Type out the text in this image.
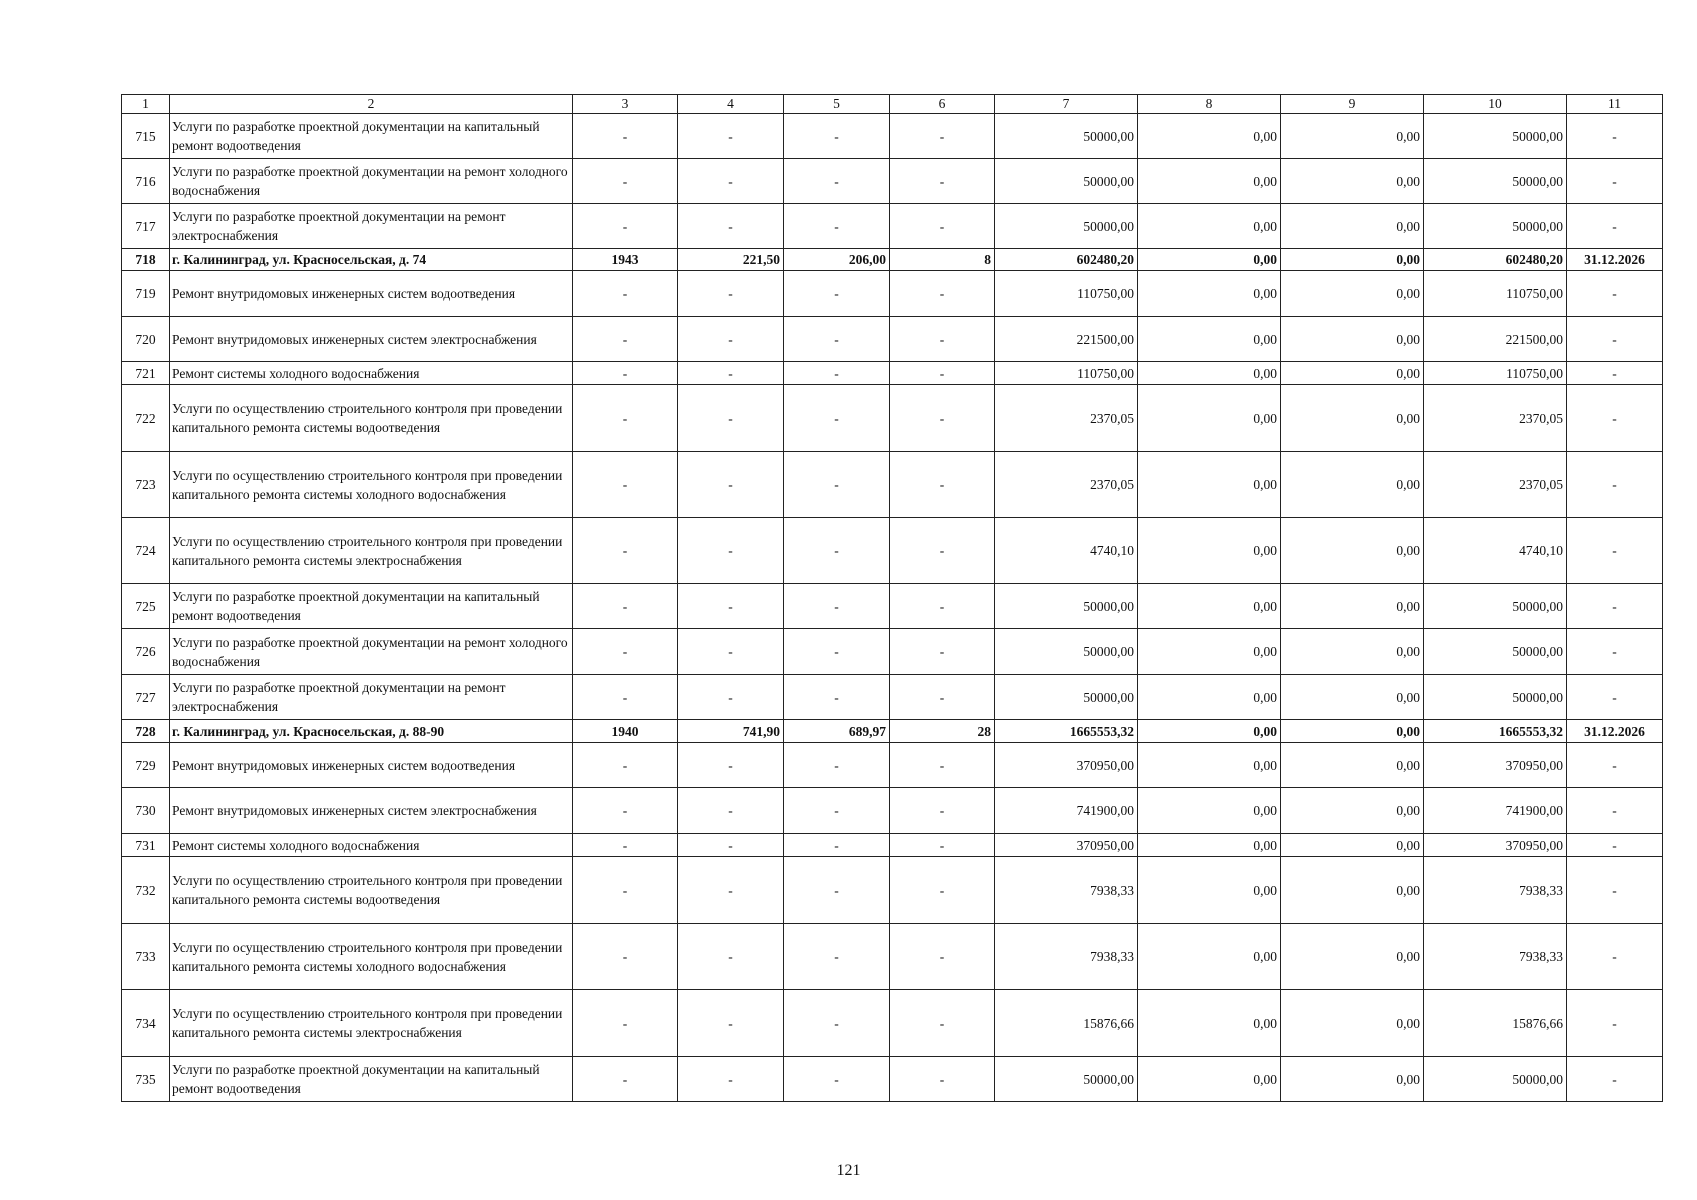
1	2	3	4	5	6	7	8	9	10	11
715	Услуги по разработке проектной документации на капитальный ремонт водоотведения	-	-	-	-	50000,00	0,00	0,00	50000,00	-
716	Услуги по разработке проектной документации на ремонт холодного водоснабжения	-	-	-	-	50000,00	0,00	0,00	50000,00	-
717	Услуги по разработке проектной документации на ремонт электроснабжения	-	-	-	-	50000,00	0,00	0,00	50000,00	-
718	г. Калининград, ул. Красносельская, д. 74	1943	221,50	206,00	8	602480,20	0,00	0,00	602480,20	31.12.2026
719	Ремонт внутридомовых инженерных систем водоотведения	-	-	-	-	110750,00	0,00	0,00	110750,00	-
720	Ремонт внутридомовых инженерных систем электроснабжения	-	-	-	-	221500,00	0,00	0,00	221500,00	-
721	Ремонт системы холодного водоснабжения	-	-	-	-	110750,00	0,00	0,00	110750,00	-
722	Услуги по осуществлению строительного контроля при проведении капитального ремонта системы водоотведения	-	-	-	-	2370,05	0,00	0,00	2370,05	-
723	Услуги по осуществлению строительного контроля при проведении капитального ремонта системы холодного водоснабжения	-	-	-	-	2370,05	0,00	0,00	2370,05	-
724	Услуги по осуществлению строительного контроля при проведении капитального ремонта системы электроснабжения	-	-	-	-	4740,10	0,00	0,00	4740,10	-
725	Услуги по разработке проектной документации на капитальный ремонт водоотведения	-	-	-	-	50000,00	0,00	0,00	50000,00	-
726	Услуги по разработке проектной документации на ремонт холодного водоснабжения	-	-	-	-	50000,00	0,00	0,00	50000,00	-
727	Услуги по разработке проектной документации на ремонт электроснабжения	-	-	-	-	50000,00	0,00	0,00	50000,00	-
728	г. Калининград, ул. Красносельская, д. 88-90	1940	741,90	689,97	28	1665553,32	0,00	0,00	1665553,32	31.12.2026
729	Ремонт внутридомовых инженерных систем водоотведения	-	-	-	-	370950,00	0,00	0,00	370950,00	-
730	Ремонт внутридомовых инженерных систем электроснабжения	-	-	-	-	741900,00	0,00	0,00	741900,00	-
731	Ремонт системы холодного водоснабжения	-	-	-	-	370950,00	0,00	0,00	370950,00	-
732	Услуги по осуществлению строительного контроля при проведении капитального ремонта системы водоотведения	-	-	-	-	7938,33	0,00	0,00	7938,33	-
733	Услуги по осуществлению строительного контроля при проведении капитального ремонта системы холодного водоснабжения	-	-	-	-	7938,33	0,00	0,00	7938,33	-
734	Услуги по осуществлению строительного контроля при проведении капитального ремонта системы электроснабжения	-	-	-	-	15876,66	0,00	0,00	15876,66	-
735	Услуги по разработке проектной документации на капитальный ремонт водоотведения	-	-	-	-	50000,00	0,00	0,00	50000,00	-
121
